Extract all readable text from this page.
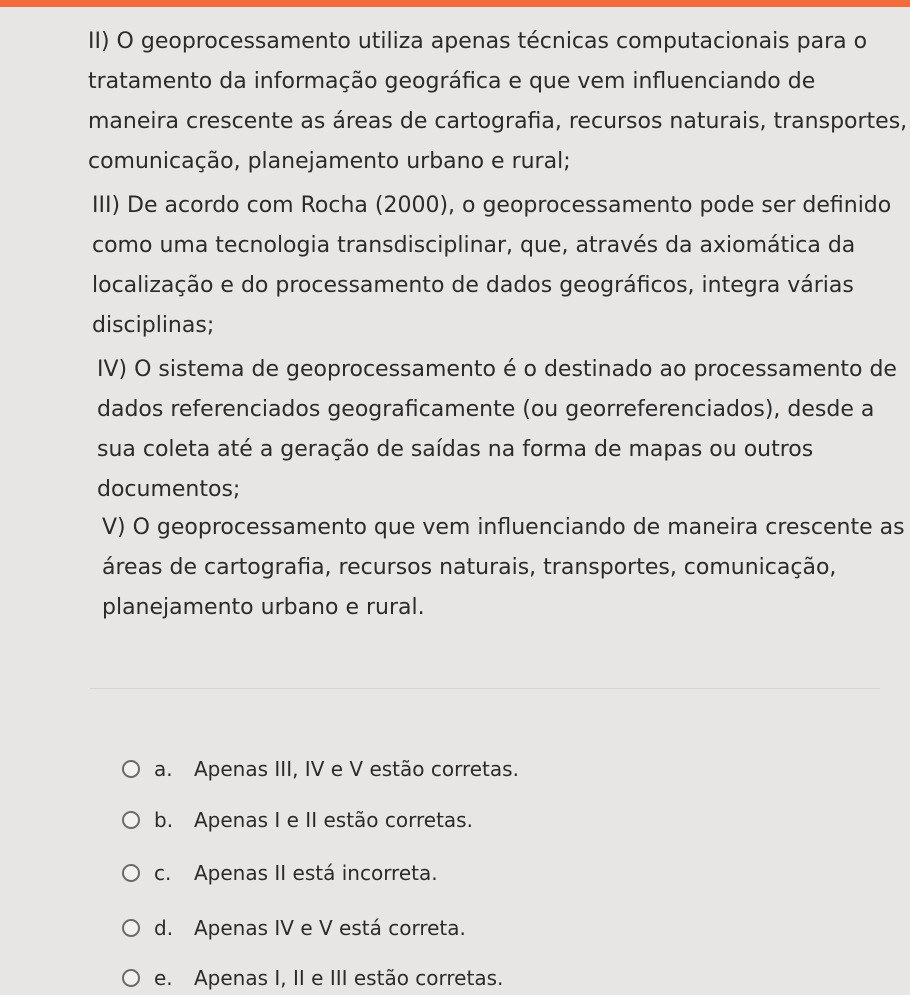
II) O geoprocessamento utiliza apenas técnicas computacionais para o
tratamento da informação geográfica e que vem influenciando de
maneira crescente as áreas de cartografia, recursos naturais, transportes,
comunicação, planejamento urbano e rural;
III) De acordo com Rocha (2000), o geoprocessamento pode ser definido
como uma tecnologia transdisciplinar, que, através da axiomática da
localização e do processamento de dados geográficos, integra várias
disciplinas;
IV) O sistema de geoprocessamento é o destinado ao processamento de
dados referenciados geograficamente (ou georreferenciados), desde a
sua coleta até a geração de saídas na forma de mapas ou outros
documentos;
V) O geoprocessamento que vem influenciando de maneira crescente as
áreas de cartografia, recursos naturais, transportes, comunicação,
planejamento urbano e rural.
a.	Apenas III, IV e V estão corretas.
b.	Apenas I e II estão corretas.
c.	Apenas II está incorreta.
d.	Apenas IV e V está correta.
e.	Apenas I, II e III estão corretas.
